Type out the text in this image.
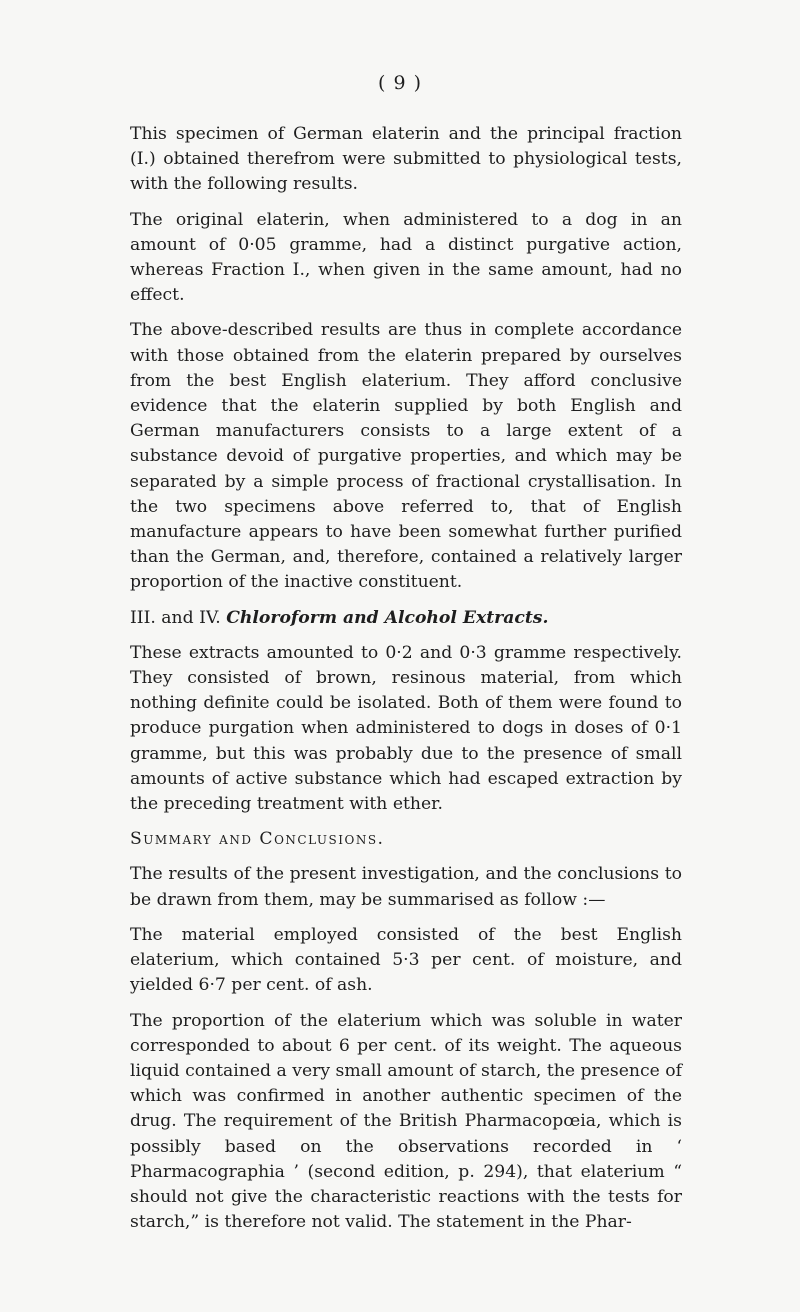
( 9 )

This specimen of German elaterin and the principal fraction (I.) obtained therefrom were submitted to physiological tests, with the following results.

The original elaterin, when administered to a dog in an amount of 0·05 gramme, had a distinct purgative action, whereas Fraction I., when given in the same amount, had no effect.

The above-described results are thus in complete accordance with those obtained from the elaterin prepared by ourselves from the best English elaterium. They afford conclusive evidence that the elaterin supplied by both English and German manufacturers consists to a large extent of a substance devoid of purgative properties, and which may be separated by a simple process of fractional crystallisation. In the two specimens above referred to, that of English manufacture appears to have been somewhat further purified than the German, and, therefore, contained a relatively larger proportion of the inactive constituent.

III. and IV. Chloroform and Alcohol Extracts.

These extracts amounted to 0·2 and 0·3 gramme respectively. They consisted of brown, resinous material, from which nothing definite could be isolated. Both of them were found to produce purgation when administered to dogs in doses of 0·1 gramme, but this was probably due to the presence of small amounts of active substance which had escaped extraction by the preceding treatment with ether.

Summary and Conclusions.

The results of the present investigation, and the conclusions to be drawn from them, may be summarised as follow :—

The material employed consisted of the best English elaterium, which contained 5·3 per cent. of moisture, and yielded 6·7 per cent. of ash.

The proportion of the elaterium which was soluble in water corresponded to about 6 per cent. of its weight. The aqueous liquid contained a very small amount of starch, the presence of which was confirmed in another authentic specimen of the drug. The requirement of the British Pharmacopœia, which is possibly based on the observations recorded in ‘ Pharmacographia ’ (second edition, p. 294), that elaterium “ should not give the characteristic reactions with the tests for starch,” is therefore not valid. The statement in the Phar-
